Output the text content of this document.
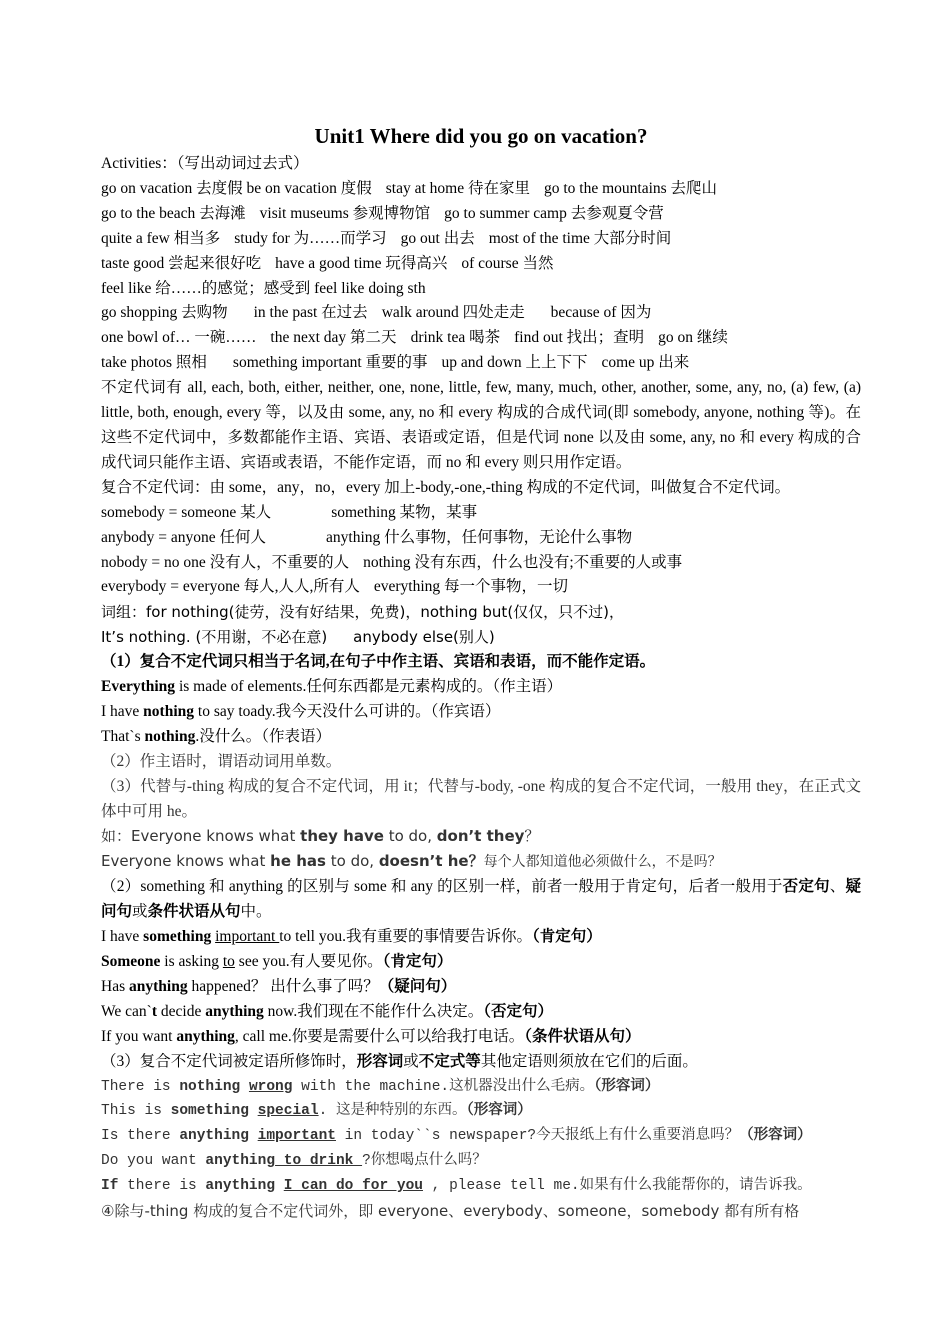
Unit1 Where did you go on vacation?

Activities：（写出动词过去式）

go on vacation 去度假 be on vacation 度假 stay at home 待在家里 go to the mountains 去爬山

go to the beach 去海滩 visit museums 参观博物馆 go to summer camp 去参观夏令营

quite a few 相当多 study for 为……而学习 go out 出去 most of the time 大部分时间

taste good 尝起来很好吃 have a good time 玩得高兴 of course 当然

feel like 给……的感觉；感受到 feel like doing sth

go shopping 去购物 in the past 在过去 walk around 四处走走 because of 因为

one bowl of… 一碗…… the next day 第二天 drink tea 喝茶 find out 找出；查明 go on 继续

take photos 照相 something important 重要的事 up and down 上上下下 come up 出来

不定代词有 all, each, both, either, neither, one, none, little, few, many, much, other, another, some, any, no, (a) few, (a) little, both, enough, every 等，以及由 some, any, no 和 every 构成的合成代词(即 somebody, anyone, nothing 等)。在这些不定代词中，多数都能作主语、宾语、表语或定语，但是代词 none 以及由 some, any, no 和 every 构成的合成代词只能作主语、宾语或表语，不能作定语，而 no 和 every 则只用作定语。

复合不定代词：由 some，any，no，every 加上-body,-one,-thing 构成的不定代词，叫做复合不定代词。

somebody = someone 某人	something 某物，某事

anybody = anyone 任何人	anything 什么事物，任何事物，无论什么事物

nobody = no one 没有人，不重要的人 nothing 没有东西，什么也没有;不重要的人或事

everybody = everyone 每人,人人,所有人 everything 每一个事物，一切

词组：for nothing(徒劳，没有好结果，免费)，nothing but(仅仅，只不过)，

It’s nothing. (不用谢，不必在意) anybody else(别人)

（1）复合不定代词只相当于名词,在句子中作主语、宾语和表语，而不能作定语。

Everything is made of elements.任何东西都是元素构成的。（作主语）

I have nothing to say toady.我今天没什么可讲的。（作宾语）

That`s nothing.没什么。（作表语）

（2）作主语时，谓语动词用单数。

（3）代替与-thing 构成的复合不定代词，用 it；代替与-body, -one 构成的复合不定代词，一般用 they，在正式文体中可用 he。

如：Everyone knows what they have to do, don’t they？

Everyone knows what he has to do, doesn’t he？每个人都知道他必须做什么，不是吗？

（2）something 和 anything 的区别与 some 和 any 的区别一样，前者一般用于肯定句，后者一般用于否定句、疑问句或条件状语从句中。

I have something important to tell you.我有重要的事情要告诉你。（肯定句）

Someone is asking to see you.有人要见你。（肯定句）

Has anything happened？ 出什么事了吗？（疑问句）

We can`t decide anything now.我们现在不能作什么决定。（否定句）

If you want anything, call me.你要是需要什么可以给我打电话。（条件状语从句）

（3）复合不定代词被定语所修饰时，形容词或不定式等其他定语则须放在它们的后面。

There is nothing wrong with the machine.这机器没出什么毛病。（形容词）

This is something special. 这是种特别的东西。（形容词）

Is there anything important in today``s newspaper?今天报纸上有什么重要消息吗？（形容词）

Do you want anything to drink ?你想喝点什么吗？

If there is anything I can do for you , please tell me.如果有什么我能帮你的，请告诉我。

④除与-thing 构成的复合不定代词外，即 everyone、everybody、someone，somebody 都有所有格
